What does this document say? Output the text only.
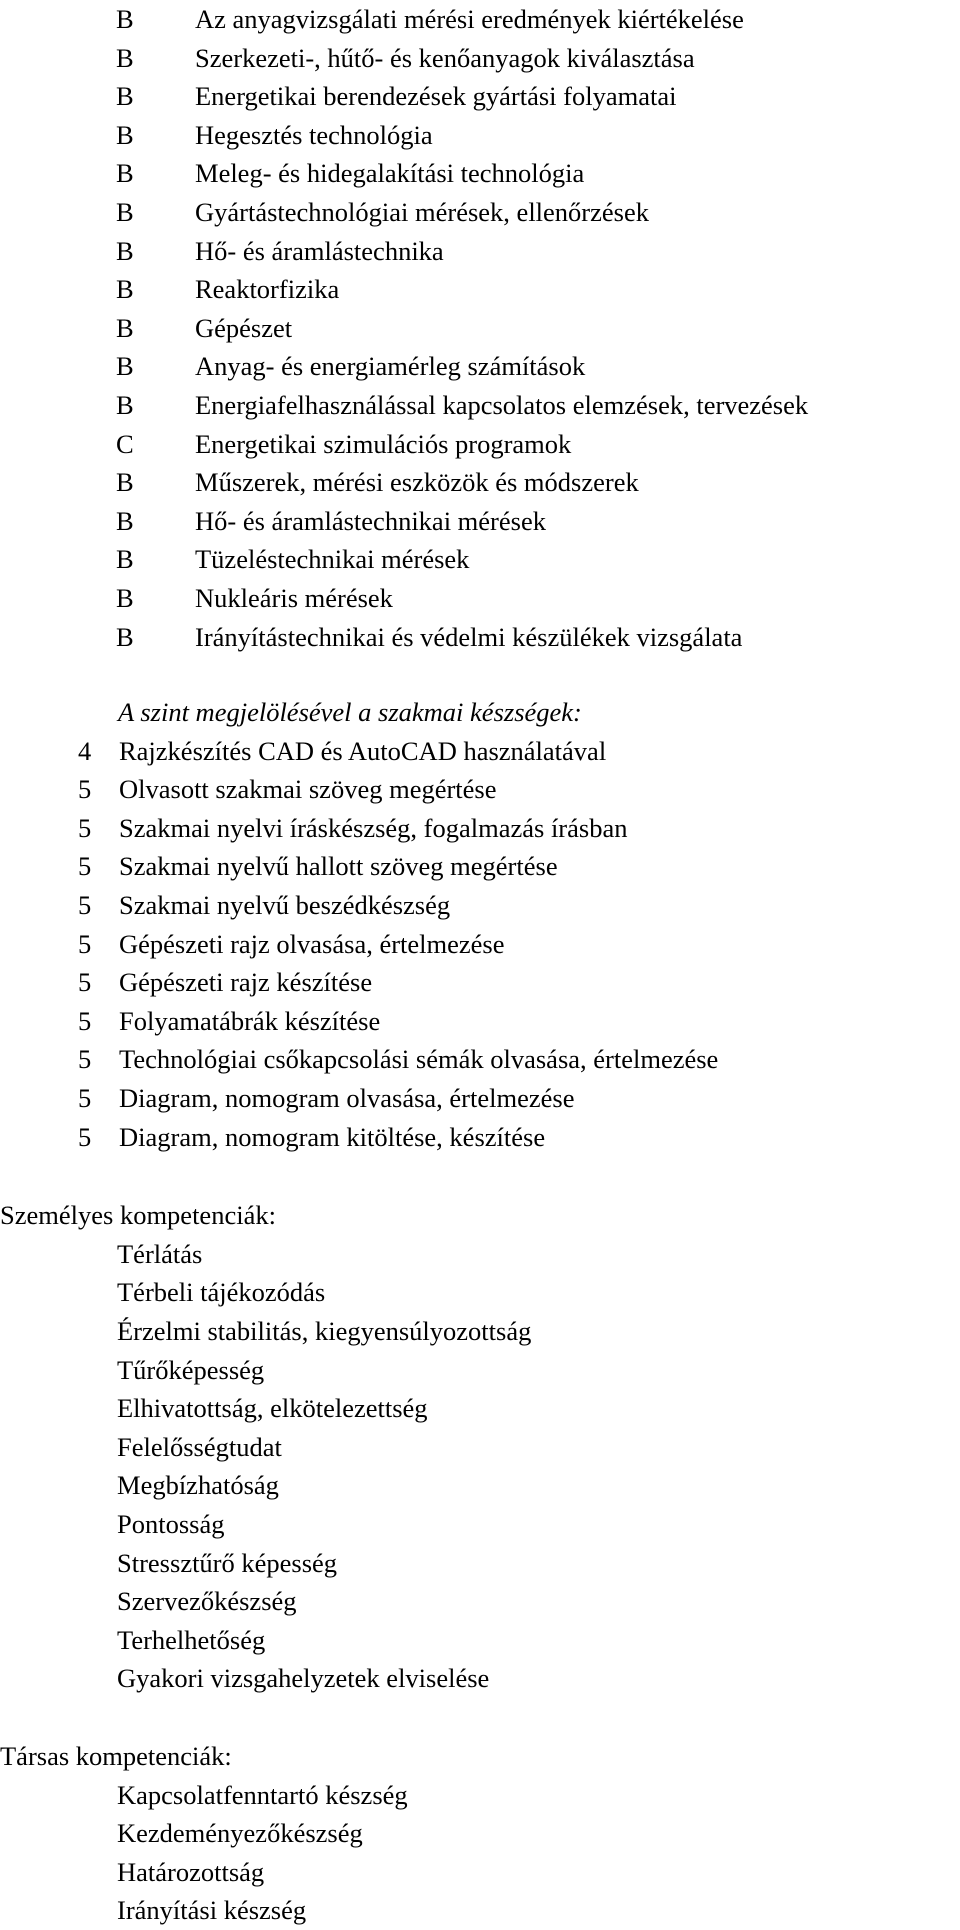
B Az anyagvizsgálati mérési eredmények kiértékelése
B Szerkezeti-, hűtő- és kenőanyagok kiválasztása
B Energetikai berendezések gyártási folyamatai
B Hegesztés technológia
B Meleg- és hidegalakítási technológia
B Gyártástechnológiai mérések, ellenőrzések
B Hő- és áramlástechnika
B Reaktorfizika
B Gépészet
B Anyag- és energiamérleg számítások
B Energiafelhasználással kapcsolatos elemzések, tervezések
C Energetikai szimulációs programok
B Műszerek, mérési eszközök és módszerek
B Hő- és áramlástechnikai mérések
B Tüzeléstechnikai mérések
B Nukleáris mérések
B Irányítástechnikai és védelmi készülékek vizsgálata
A szint megjelölésével a szakmai készségek:
4 Rajzkészítés CAD és AutoCAD használatával
5 Olvasott szakmai szöveg megértése
5 Szakmai nyelvi íráskészség, fogalmazás írásban
5 Szakmai nyelvű hallott szöveg megértése
5 Szakmai nyelvű beszédkészség
5 Gépészeti rajz olvasása, értelmezése
5 Gépészeti rajz készítése
5 Folyamatábrák készítése
5 Technológiai csőkapcsolási sémák olvasása, értelmezése
5 Diagram, nomogram olvasása, értelmezése
5 Diagram, nomogram kitöltése, készítése
Személyes kompetenciák:
Térlátás
Térbeli tájékozódás
Érzelmi stabilitás, kiegyensúlyozottság
Tűrőképesség
Elhivatottság, elkötelezettség
Felelősségtudat
Megbízhatóság
Pontosság
Stressztűrő képesség
Szervezőkészség
Terhelhetőség
Gyakori vizsgahelyzetek elviselése
Társas kompetenciák:
Kapcsolatfenntartó készség
Kezdeményezőkészség
Határozottság
Irányítási készség
